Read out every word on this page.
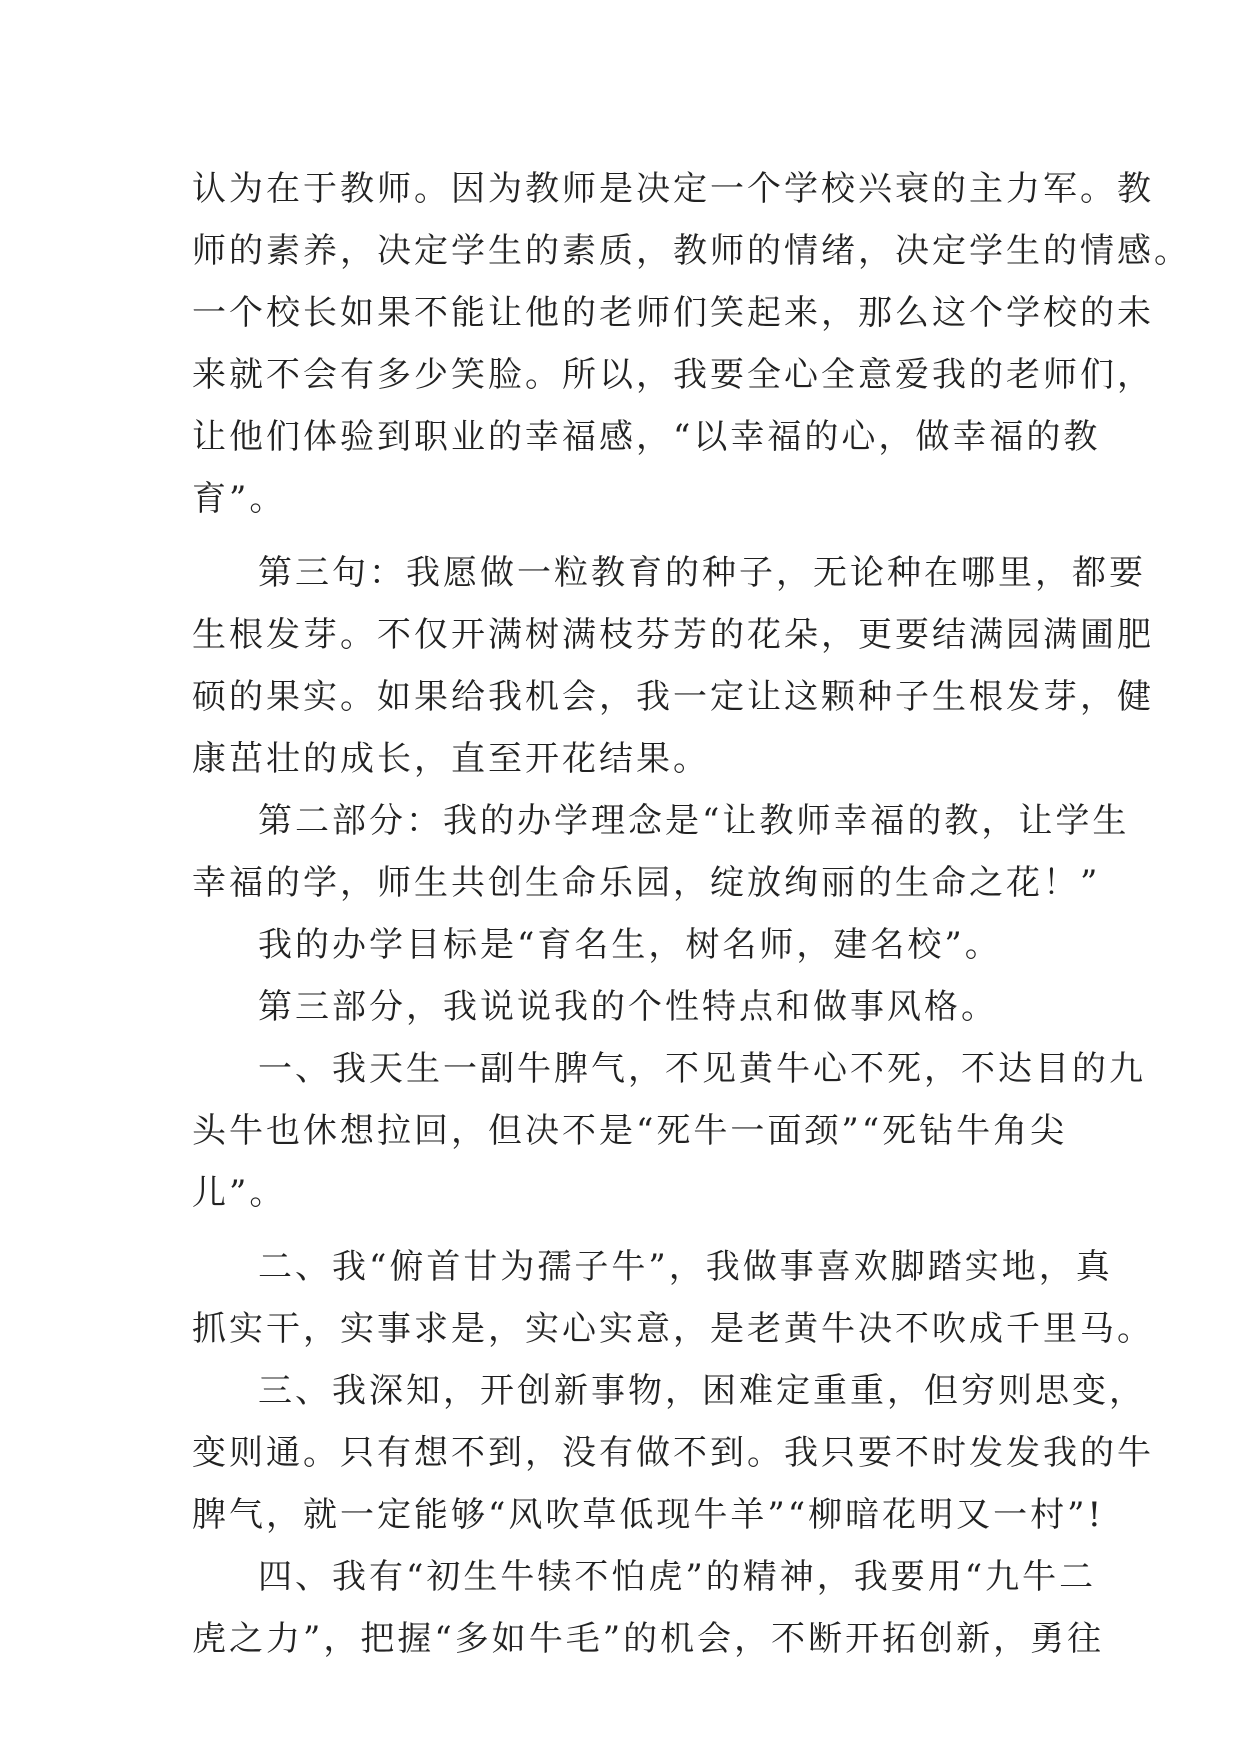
认为在于教师。因为教师是决定一个学校兴衰的主力军。教
师的素养，决定学生的素质，教师的情绪，决定学生的情感。
一个校长如果不能让他的老师们笑起来，那么这个学校的未
来就不会有多少笑脸。所以，我要全心全意爱我的老师们，
让他们体验到职业的幸福感，“以幸福的心，做幸福的教
育”。
第三句：我愿做一粒教育的种子，无论种在哪里，都要
生根发芽。不仅开满树满枝芬芳的花朵，更要结满园满圃肥
硕的果实。如果给我机会，我一定让这颗种子生根发芽，健
康茁壮的成长，直至开花结果。
第二部分：我的办学理念是“让教师幸福的教，让学生
幸福的学，师生共创生命乐园，绽放绚丽的生命之花！”
我的办学目标是“育名生，树名师，建名校”。
第三部分，我说说我的个性特点和做事风格。
一、我天生一副牛脾气，不见黄牛心不死，不达目的九
头牛也休想拉回，但决不是“死牛一面颈”“死钻牛角尖
儿”。
二、我“俯首甘为孺子牛”，我做事喜欢脚踏实地，真
抓实干，实事求是，实心实意，是老黄牛决不吹成千里马。
三、我深知，开创新事物，困难定重重，但穷则思变，
变则通。只有想不到，没有做不到。我只要不时发发我的牛
脾气，就一定能够“风吹草低现牛羊”“柳暗花明又一村”!
四、我有“初生牛犊不怕虎”的精神，我要用“九牛二
虎之力”，把握“多如牛毛”的机会，不断开拓创新，勇往
